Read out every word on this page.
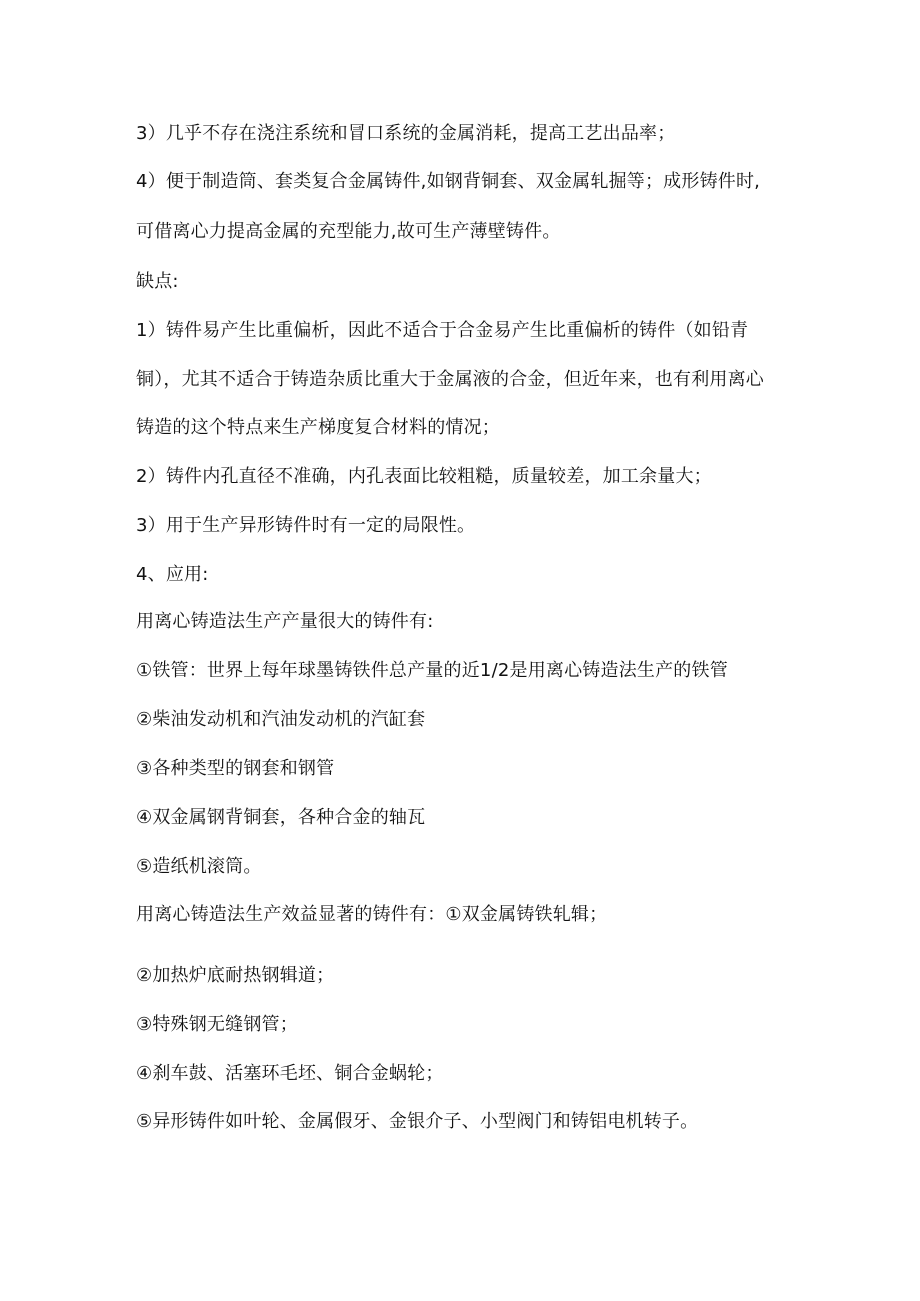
3）几乎不存在浇注系统和冒口系统的金属消耗，提高工艺出品率；
4）便于制造筒、套类复合金属铸件,如钢背铜套、双金属轧掘等；成形铸件时,
可借离心力提高金属的充型能力,故可生产薄壁铸件。
缺点:
1）铸件易产生比重偏析，因此不适合于合金易产生比重偏析的铸件（如铅青
铜），尤其不适合于铸造杂质比重大于金属液的合金，但近年来，也有利用离心
铸造的这个特点来生产梯度复合材料的情况；
2）铸件内孔直径不准确，内孔表面比较粗糙，质量较差，加工余量大；
3）用于生产异形铸件时有一定的局限性。
4、应用:
用离心铸造法生产产量很大的铸件有:
①铁管：世界上每年球墨铸铁件总产量的近1/2是用离心铸造法生产的铁管
②柴油发动机和汽油发动机的汽缸套
③各种类型的钢套和钢管
④双金属钢背铜套，各种合金的轴瓦
⑤造纸机滚筒。
用离心铸造法生产效益显著的铸件有：①双金属铸铁轧辑；
②加热炉底耐热钢辑道；
③特殊钢无缝钢管；
④刹车鼓、活塞环毛坯、铜合金蜗轮；
⑤异形铸件如叶轮、金属假牙、金银介子、小型阀门和铸铝电机转子。
